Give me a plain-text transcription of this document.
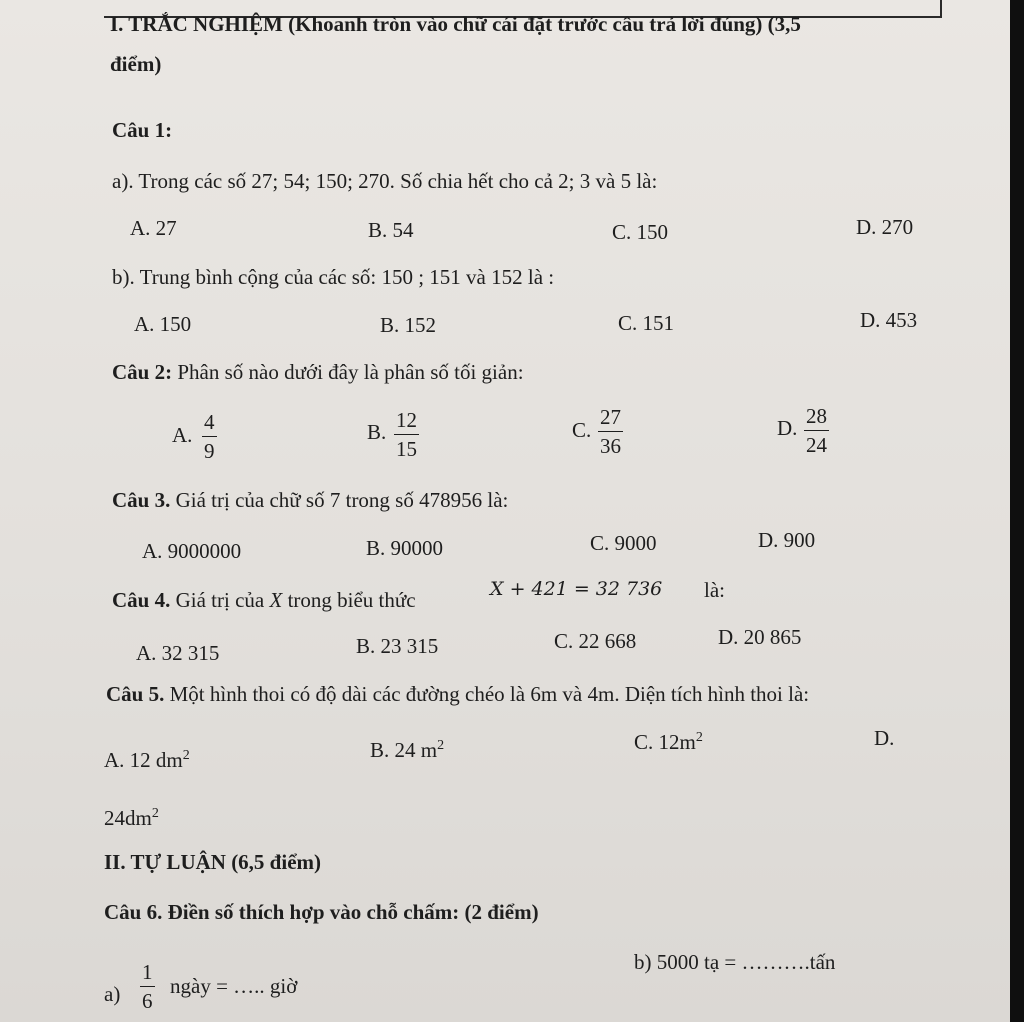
I. TRẮC NGHIỆM (Khoanh tròn vào chữ cái đặt trước câu trả lời đúng) (3,5
điểm)
Câu 1:
a). Trong các số 27; 54; 150; 270. Số chia hết cho cả 2; 3 và 5 là:
A. 27	B. 54	C. 150	D. 270
b). Trung bình cộng của các số: 150 ; 151 và 152 là :
A. 150	B. 152	C. 151	D. 453
Câu 2: Phân số nào dưới đây là phân số tối giản:
A. $\frac{4}{9}$	B. $\frac{12}{15}$	C. $\frac{27}{36}$	D. $\frac{28}{24}$
Câu 3. Giá trị của chữ số 7 trong số 478956 là:
A. 9000000	B. 90000	C. 9000	D. 900
Câu 4. Giá trị của X trong biểu thức	X + 421 = 32 736 là:
A. 32 315	B. 23 315	C. 22 668	D. 20 865
Câu 5. Một hình thoi có độ dài các đường chéo là 6m và 4m. Diện tích hình thoi là:
A. 12 $dm^2$	B. 24 $m^2$	C. $12m^2$	D.
$24dm^2$
II. TỰ LUẬN (6,5 điểm)
Câu 6. Điền số thích hợp vào chỗ chấm: (2 điểm)
$a) \frac{1}{6}$ ngày = ….. giờ
b) 5000 tạ = ……….tấn
